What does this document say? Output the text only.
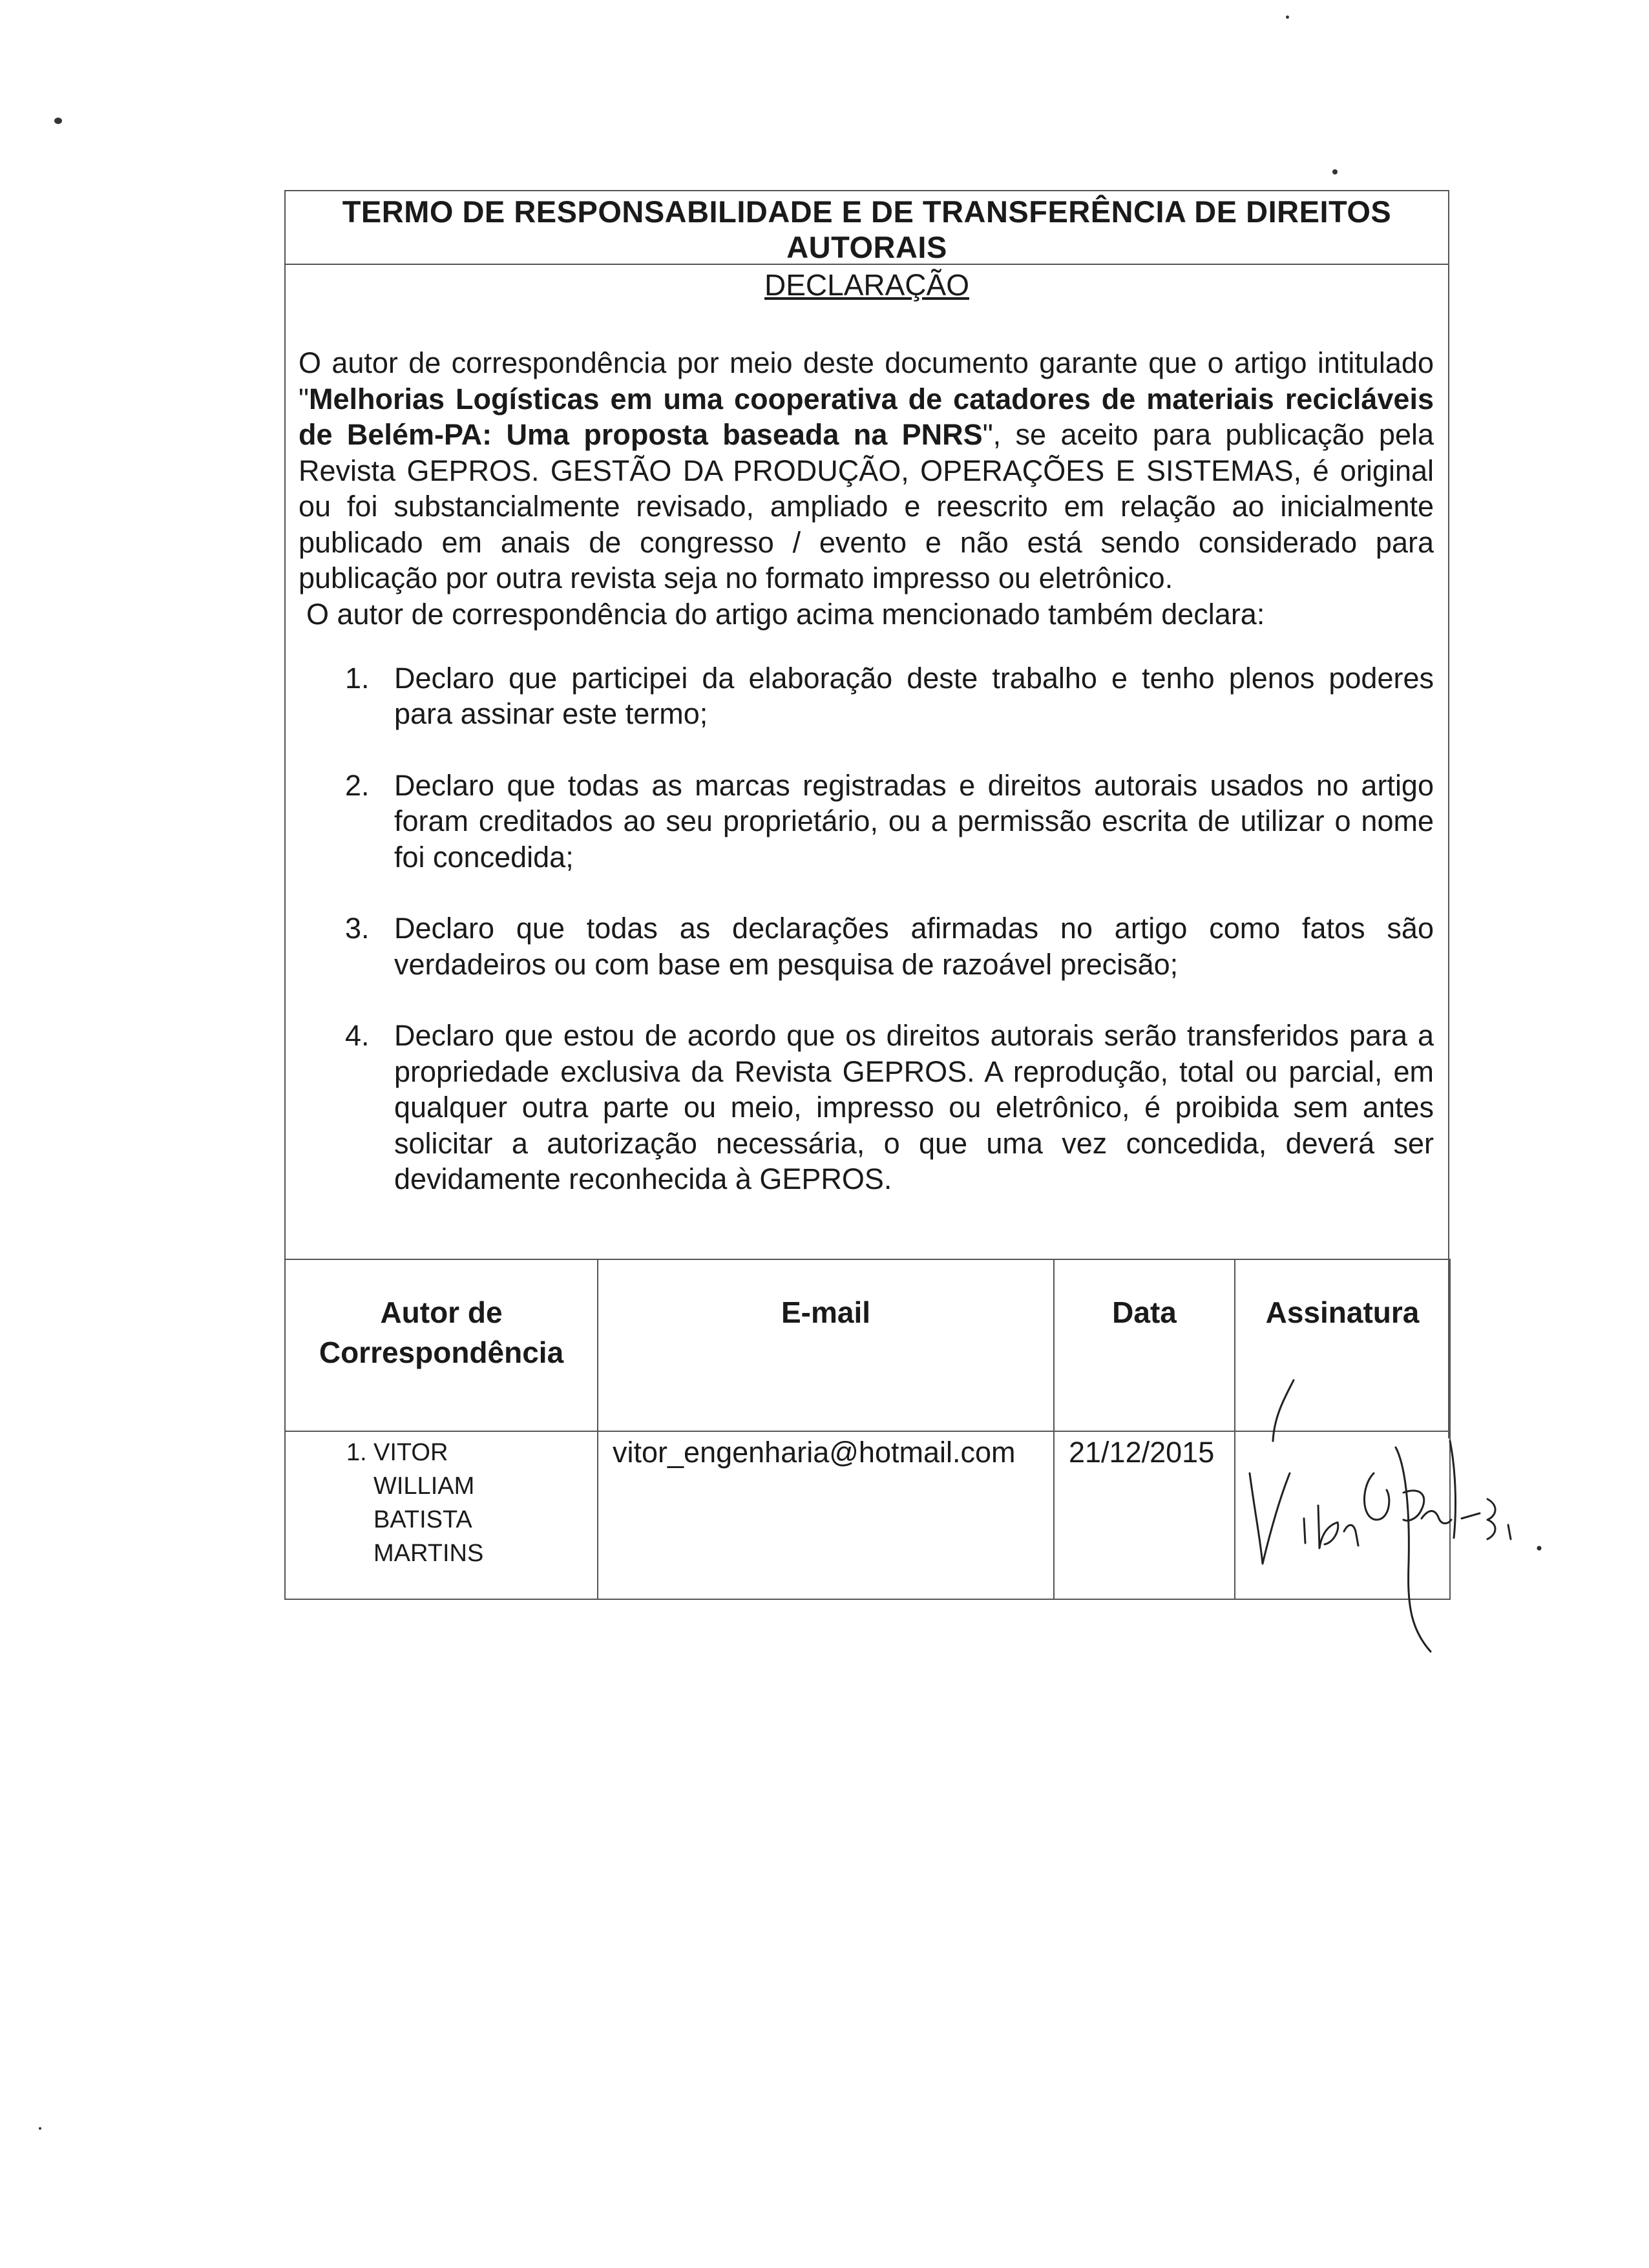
TERMO DE RESPONSABILIDADE E DE TRANSFERÊNCIA DE DIREITOS
AUTORAIS
DECLARAÇÃO
O autor de correspondência por meio deste documento garante que o artigo intitulado "Melhorias Logísticas em uma cooperativa de catadores de materiais recicláveis de Belém-PA: Uma proposta baseada na PNRS", se aceito para publicação pela Revista GEPROS. GESTÃO DA PRODUÇÃO, OPERAÇÕES E SISTEMAS, é original ou foi substancialmente revisado, ampliado e reescrito em relação ao inicialmente publicado em anais de congresso / evento e não está sendo considerado para publicação por outra revista seja no formato impresso ou eletrônico.
O autor de correspondência do artigo acima mencionado também declara:
1. Declaro que participei da elaboração deste trabalho e tenho plenos poderes para assinar este termo;
2. Declaro que todas as marcas registradas e direitos autorais usados no artigo foram creditados ao seu proprietário, ou a permissão escrita de utilizar o nome foi concedida;
3. Declaro que todas as declarações afirmadas no artigo como fatos são verdadeiros ou com base em pesquisa de razoável precisão;
4. Declaro que estou de acordo que os direitos autorais serão transferidos para a propriedade exclusiva da Revista GEPROS. A reprodução, total ou parcial, em qualquer outra parte ou meio, impresso ou eletrônico, é proibida sem antes solicitar a autorização necessária, o que uma vez concedida, deverá ser devidamente reconhecida à GEPROS.
Autor de
Correspondência	E-mail	Data	Assinatura

1. VITOR
WILLIAM
BATISTA
MARTINS	vitor_engenharia@hotmail.com	21/12/2015	
